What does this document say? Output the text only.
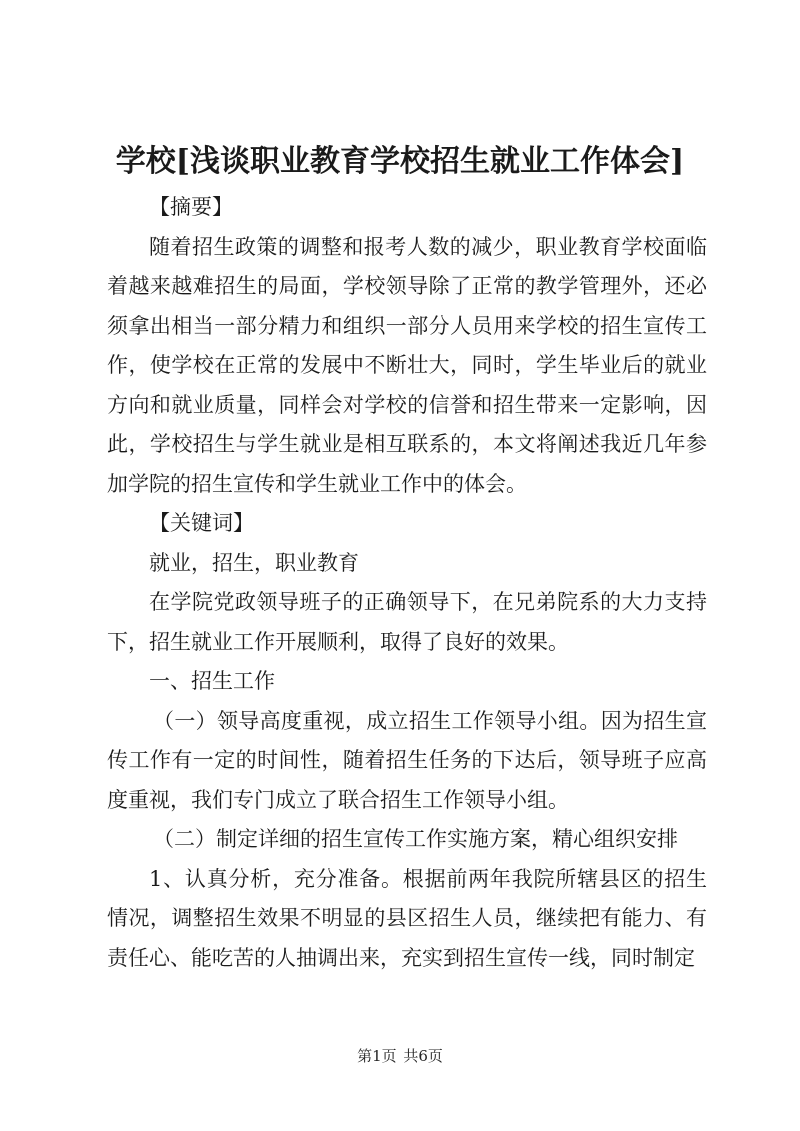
学校[浅谈职业教育学校招生就业工作体会]

【摘要】

随着招生政策的调整和报考人数的减少，职业教育学校面临着越来越难招生的局面，学校领导除了正常的教学管理外，还必须拿出相当一部分精力和组织一部分人员用来学校的招生宣传工作，使学校在正常的发展中不断壮大，同时，学生毕业后的就业方向和就业质量，同样会对学校的信誉和招生带来一定影响，因此，学校招生与学生就业是相互联系的，本文将阐述我近几年参加学院的招生宣传和学生就业工作中的体会。

【关键词】

就业，招生，职业教育

在学院党政领导班子的正确领导下，在兄弟院系的大力支持下，招生就业工作开展顺利，取得了良好的效果。

一、招生工作

（一）领导高度重视，成立招生工作领导小组。因为招生宣传工作有一定的时间性，随着招生任务的下达后，领导班子应高度重视，我们专门成立了联合招生工作领导小组。

（二）制定详细的招生宣传工作实施方案，精心组织安排

1、认真分析，充分准备。根据前两年我院所辖县区的招生情况，调整招生效果不明显的县区招生人员，继续把有能力、有责任心、能吃苦的人抽调出来，充实到招生宣传一线，同时制定

第1页 共6页
